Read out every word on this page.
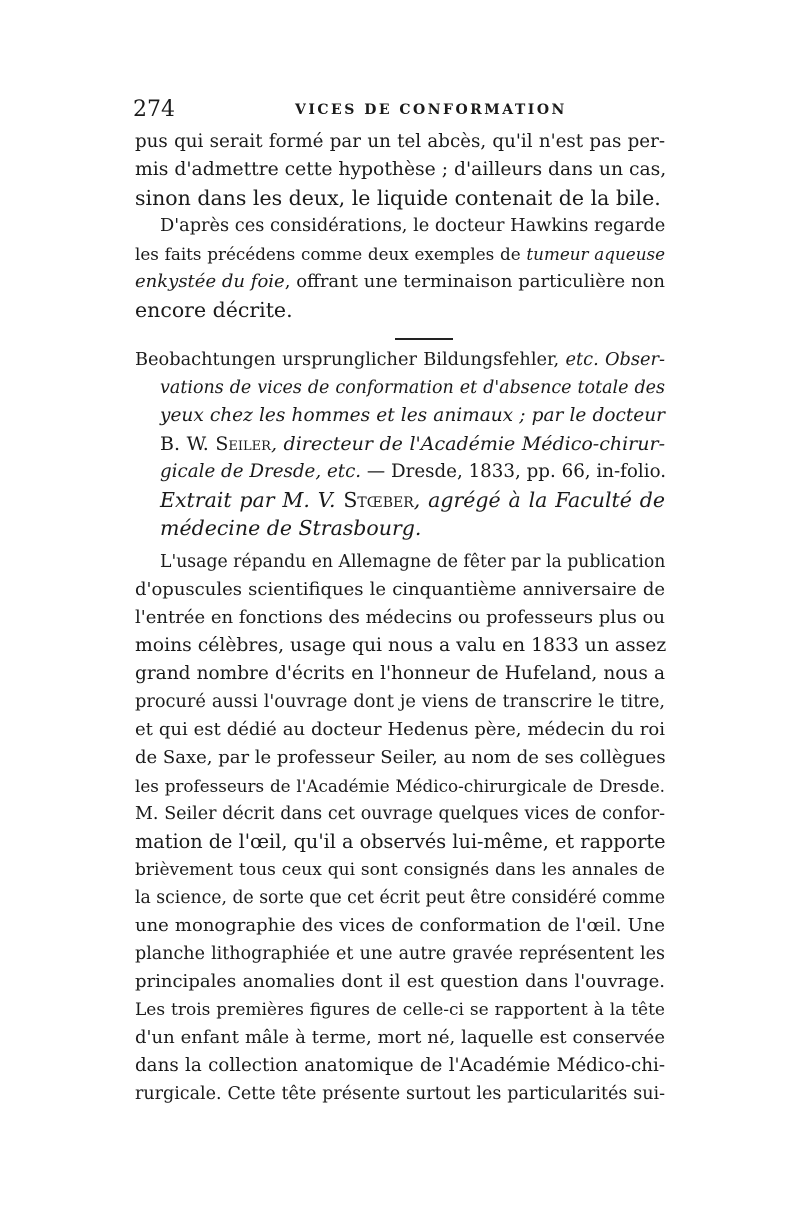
274	VICES DE CONFORMATION
pus qui serait formé par un tel abcès, qu'il n'est pas per-
mis d'admettre cette hypothèse ; d'ailleurs dans un cas,
sinon dans les deux, le liquide contenait de la bile.
D'après ces considérations, le docteur Hawkins regarde
les faits précédens comme deux exemples de tumeur aqueuse
enkystée du foie, offrant une terminaison particulière non
encore décrite.
Beobachtungen ursprunglicher Bildungsfehler, etc. Obser-
vations de vices de conformation et d'absence totale des
yeux chez les hommes et les animaux ; par le docteur
B. W. Seiler, directeur de l'Académie Médico-chirur-
gicale de Dresde, etc. — Dresde, 1833, pp. 66, in-folio.
Extrait par M. V. Stœber, agrégé à la Faculté de
médecine de Strasbourg.
L'usage répandu en Allemagne de fêter par la publication
d'opuscules scientifiques le cinquantième anniversaire de
l'entrée en fonctions des médecins ou professeurs plus ou
moins célèbres, usage qui nous a valu en 1833 un assez
grand nombre d'écrits en l'honneur de Hufeland, nous a
procuré aussi l'ouvrage dont je viens de transcrire le titre,
et qui est dédié au docteur Hedenus père, médecin du roi
de Saxe, par le professeur Seiler, au nom de ses collègues
les professeurs de l'Académie Médico-chirurgicale de Dresde.
M. Seiler décrit dans cet ouvrage quelques vices de confor-
mation de l'œil, qu'il a observés lui-même, et rapporte
brièvement tous ceux qui sont consignés dans les annales de
la science, de sorte que cet écrit peut être considéré comme
une monographie des vices de conformation de l'œil. Une
planche lithographiée et une autre gravée représentent les
principales anomalies dont il est question dans l'ouvrage.
Les trois premières figures de celle-ci se rapportent à la tête
d'un enfant mâle à terme, mort né, laquelle est conservée
dans la collection anatomique de l'Académie Médico-chi-
rurgicale. Cette tête présente surtout les particularités sui-
